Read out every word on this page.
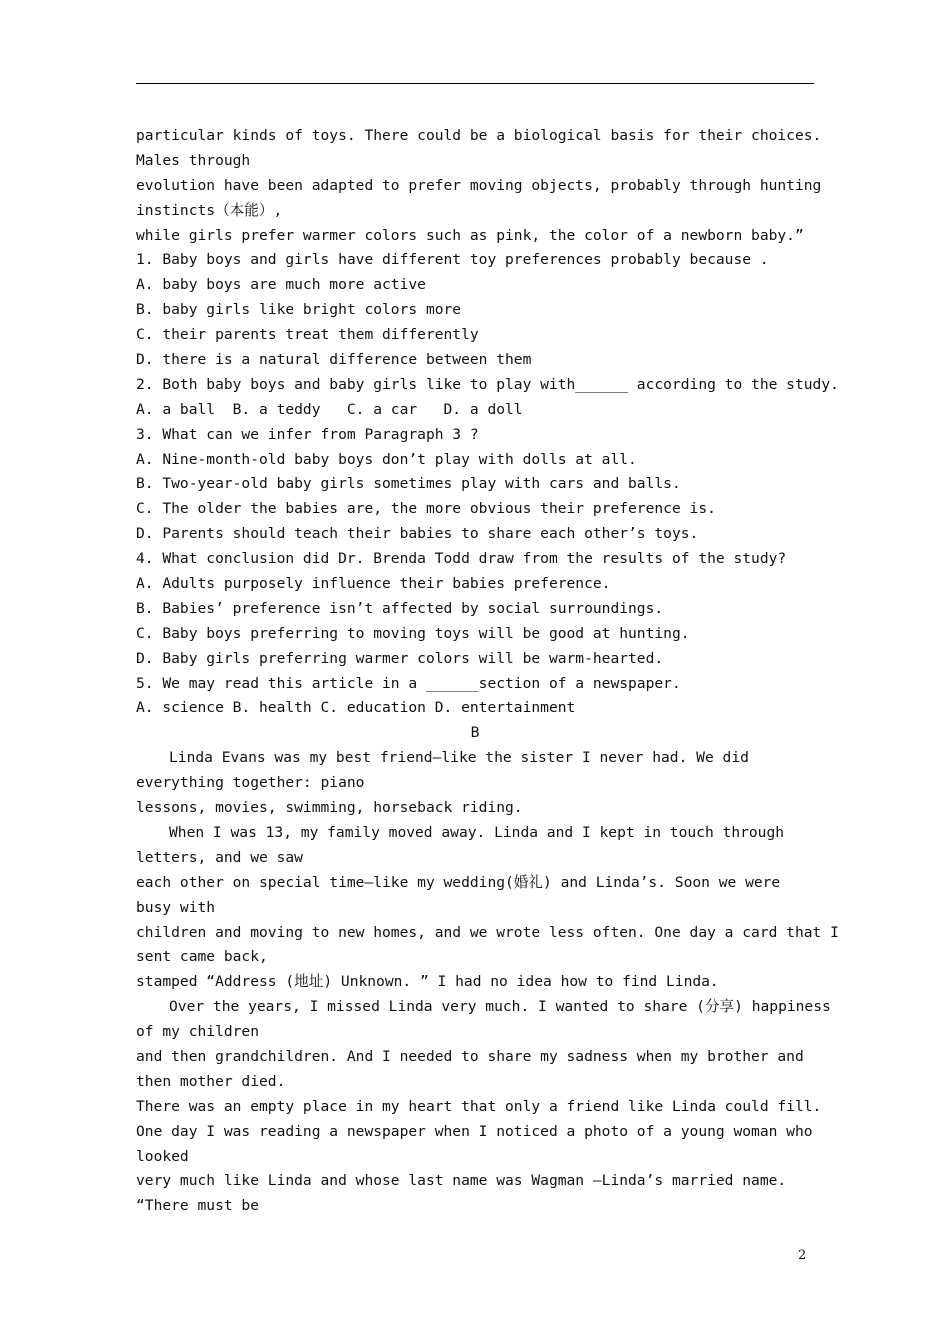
particular kinds of toys. There could be a biological basis for their choices.
Males through
evolution have been adapted to prefer moving objects, probably through hunting
instincts（本能）,
while girls prefer warmer colors such as pink, the color of a newborn baby.”
1. Baby boys and girls have different toy preferences probably because .
A. baby boys are much more active
B. baby girls like bright colors more
C. their parents treat them differently
D. there is a natural difference between them
2. Both baby boys and baby girls like to play with______ according to the study.
A. a ball  B. a teddy   C. a car   D. a doll
3. What can we infer from Paragraph 3 ?
A. Nine-month-old baby boys don’t play with dolls at all.
B. Two-year-old baby girls sometimes play with cars and balls.
C. The older the babies are, the more obvious their preference is.
D. Parents should teach their babies to share each other’s toys.
4. What conclusion did Dr. Brenda Todd draw from the results of the study?
A. Adults purposely influence their babies preference.
B. Babies’ preference isn’t affected by social surroundings.
C. Baby boys preferring to moving toys will be good at hunting.
D. Baby girls preferring warmer colors will be warm-hearted.
5. We may read this article in a ______section of a newspaper.
A. science B. health C. education D. entertainment
B
Linda Evans was my best friend—like the sister I never had. We did
everything together: piano
lessons, movies, swimming, horseback riding.
When I was 13, my family moved away. Linda and I kept in touch through
letters, and we saw
each other on special time—like my wedding(婚礼) and Linda’s. Soon we were
busy with
children and moving to new homes, and we wrote less often. One day a card that I
sent came back,
stamped “Address (地址) Unknown. ” I had no idea how to find Linda.
Over the years, I missed Linda very much. I wanted to share (分享) happiness
of my children
and then grandchildren. And I needed to share my sadness when my brother and
then mother died.
There was an empty place in my heart that only a friend like Linda could fill.
One day I was reading a newspaper when I noticed a photo of a young woman who
looked
very much like Linda and whose last name was Wagman —Linda’s married name.
“There must be
2
